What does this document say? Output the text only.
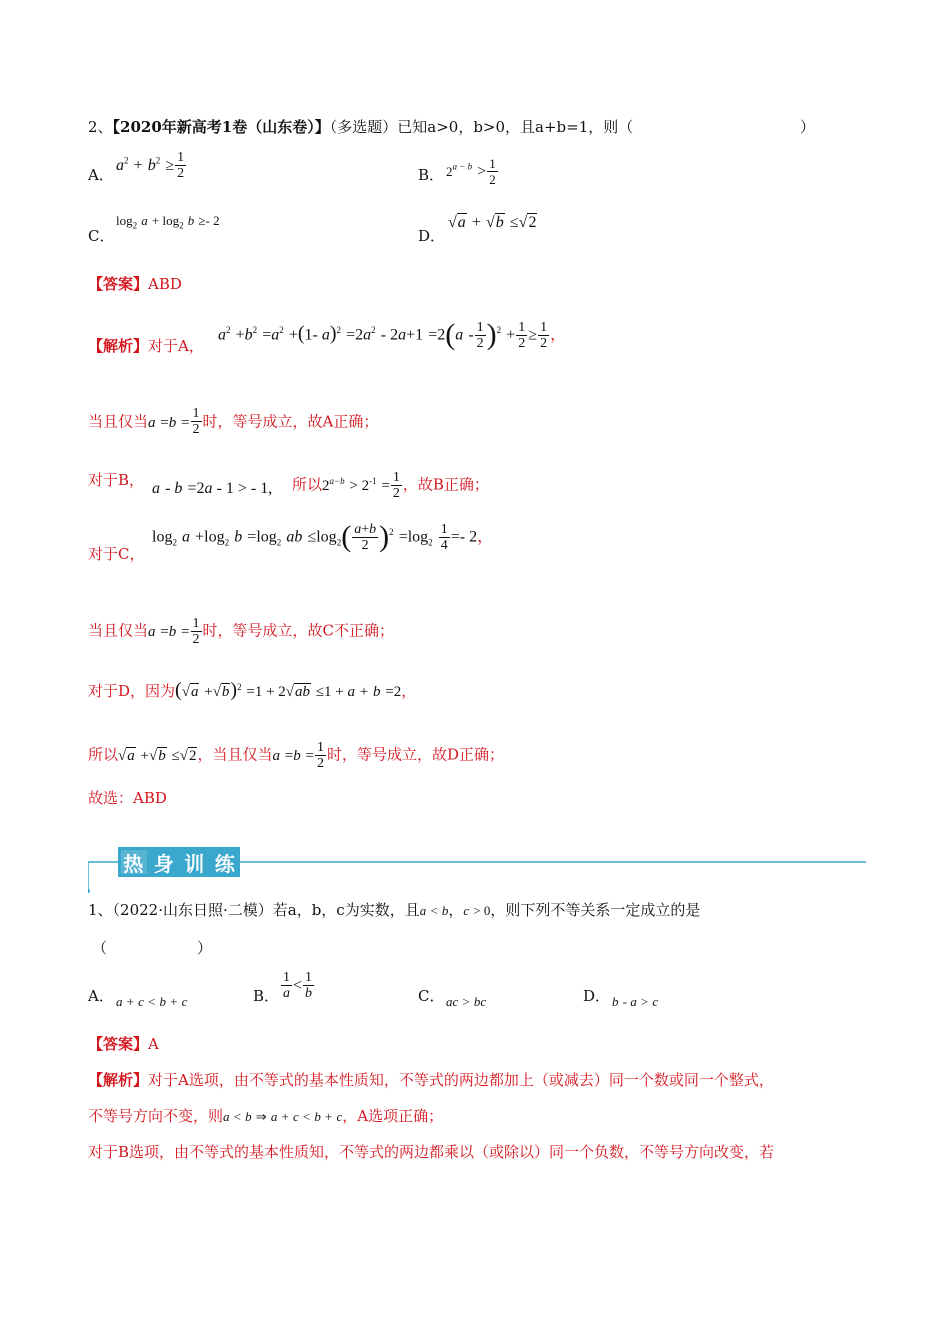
2、【2020年新高考1卷（山东卷）】（多选题）已知a>0，b>0，且a+b=1，则（	）
A．
$a^2 + b^2 \ge \frac{1}{2}$	B． $2^{a - b} > \frac{1}{2}$
C．
$\log_2 a + \log_2 b \ge- 2$
D．
√a + √b ≤√2
【答案】ABD
【解析】对于A，
$a^2 +b^2 =a^2 +(1-$ $a)^2 =2a^2 - 2a+1 =2(a - \frac{1}{2} )^2 + \frac{1}{2} \ge \frac{1}{2}$ ，
当且仅当$a =b = \frac{1}{2}$ 时，等号成立，故A正确；
对于B， a - b =2a - 1 > - 1, 所以$2^{a-b} > 2^{-1} = \frac{1}{2}$ ，故B正确；
对于C，
$\log_2 a +\log_2$ $b =\log_2$ ab $\le\log_2( \frac{a+b}{2} )^2 =\log_2 \frac{1}{4} =- 2$，
当且仅当$a =b = \frac{1}{2}$ 时，等号成立，故C不正确；
对于D，因为$(√a +√b)^2 =1 + 2√ab \le 1 + a + b =2$，
所以√a +√b ≤√2，当且仅当$a =b = \frac{1}{2}$ 时，等号成立，故D正确；
故选：ABD
热 身 训 练
1、（2022·山东日照·二模）若a，b，c为实数，且a < b，c > 0，则下列不等关系一定成立的是
（　　　　　　）
A． a + c < b + c	B． $\frac{1}{a} < \frac{1}{b}$	C． ac > bc	D． b - a > c
【答案】A
【解析】对于A选项，由不等式的基本性质知，不等式的两边都加上（或减去）同一个数或同一个整式，
不等号方向不变，则a < b ⇒ a + c < b + c，A选项正确；
对于B选项，由不等式的基本性质知，不等式的两边都乘以（或除以）同一个负数，不等号方向改变，若
